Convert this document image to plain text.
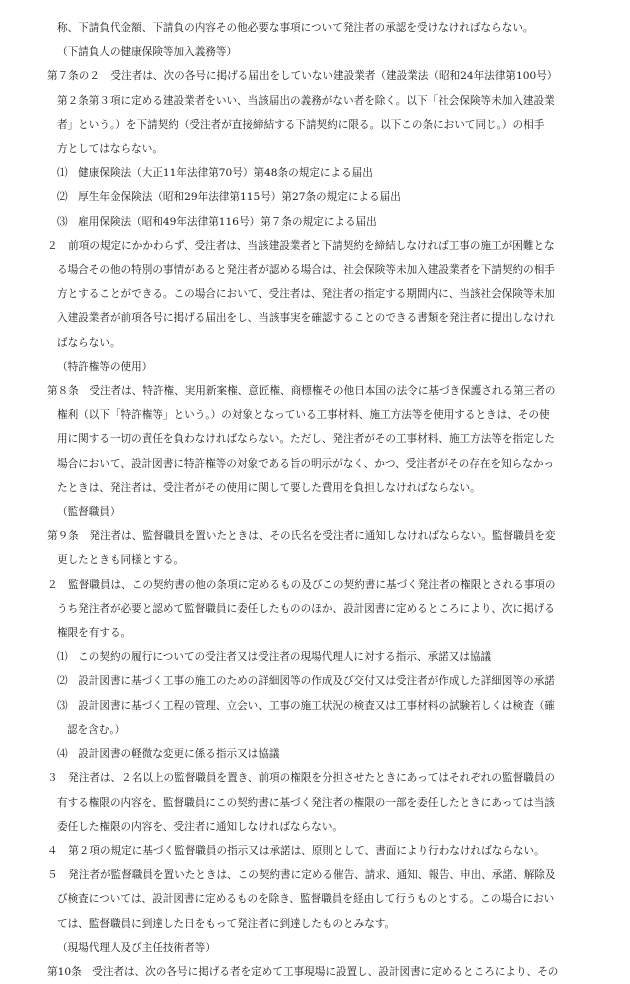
称、下請負代金額、下請負の内容その他必要な事項について発注者の承認を受けなければならない。
（下請負人の健康保険等加入義務等）
第７条の２　受注者は、次の各号に掲げる届出をしていない建設業者（建設業法（昭和24年法律第100号）
第２条第３項に定める建設業者をいい、当該届出の義務がない者を除く。以下「社会保険等未加入建設業
者」という。）を下請契約（受注者が直接締結する下請契約に限る。以下この条において同じ。）の相手
方としてはならない。
⑴　健康保険法（大正11年法律第70号）第48条の規定による届出
⑵　厚生年金保険法（昭和29年法律第115号）第27条の規定による届出
⑶　雇用保険法（昭和49年法律第116号）第７条の規定による届出
２　前項の規定にかかわらず、受注者は、当該建設業者と下請契約を締結しなければ工事の施工が困難とな
る場合その他の特別の事情があると発注者が認める場合は、社会保険等未加入建設業者を下請契約の相手
方とすることができる。この場合において、受注者は、発注者の指定する期間内に、当該社会保険等未加
入建設業者が前項各号に掲げる届出をし、当該事実を確認することのできる書類を発注者に提出しなけれ
ばならない。
（特許権等の使用）
第８条　受注者は、特許権、実用新案権、意匠権、商標権その他日本国の法令に基づき保護される第三者の
権利（以下「特許権等」という。）の対象となっている工事材料、施工方法等を使用するときは、その使
用に関する一切の責任を負わなければならない。ただし、発注者がその工事材料、施工方法等を指定した
場合において、設計図書に特許権等の対象である旨の明示がなく、かつ、受注者がその存在を知らなかっ
たときは、発注者は、受注者がその使用に関して要した費用を負担しなければならない。
（監督職員）
第９条　発注者は、監督職員を置いたときは、その氏名を受注者に通知しなければならない。監督職員を変
更したときも同様とする。
２　監督職員は、この契約書の他の条項に定めるもの及びこの契約書に基づく発注者の権限とされる事項の
うち発注者が必要と認めて監督職員に委任したもののほか、設計図書に定めるところにより、次に掲げる
権限を有する。
⑴　この契約の履行についての受注者又は受注者の現場代理人に対する指示、承諾又は協議
⑵　設計図書に基づく工事の施工のための詳細図等の作成及び交付又は受注者が作成した詳細図等の承諾
⑶　設計図書に基づく工程の管理、立会い、工事の施工状況の検査又は工事材料の試験若しくは検査（確
認を含む。）
⑷　設計図書の軽微な変更に係る指示又は協議
３　発注者は、２名以上の監督職員を置き、前項の権限を分担させたときにあってはそれぞれの監督職員の
有する権限の内容を、監督職員にこの契約書に基づく発注者の権限の一部を委任したときにあっては当該
委任した権限の内容を、受注者に通知しなければならない。
４　第２項の規定に基づく監督職員の指示又は承諾は、原則として、書面により行わなければならない。
５　発注者が監督職員を置いたときは、この契約書に定める催告、請求、通知、報告、申出、承諾、解除及
び検査については、設計図書に定めるものを除き、監督職員を経由して行うものとする。この場合におい
ては、監督職員に到達した日をもって発注者に到達したものとみなす。
（現場代理人及び主任技術者等）
第10条　受注者は、次の各号に掲げる者を定めて工事現場に設置し、設計図書に定めるところにより、その
